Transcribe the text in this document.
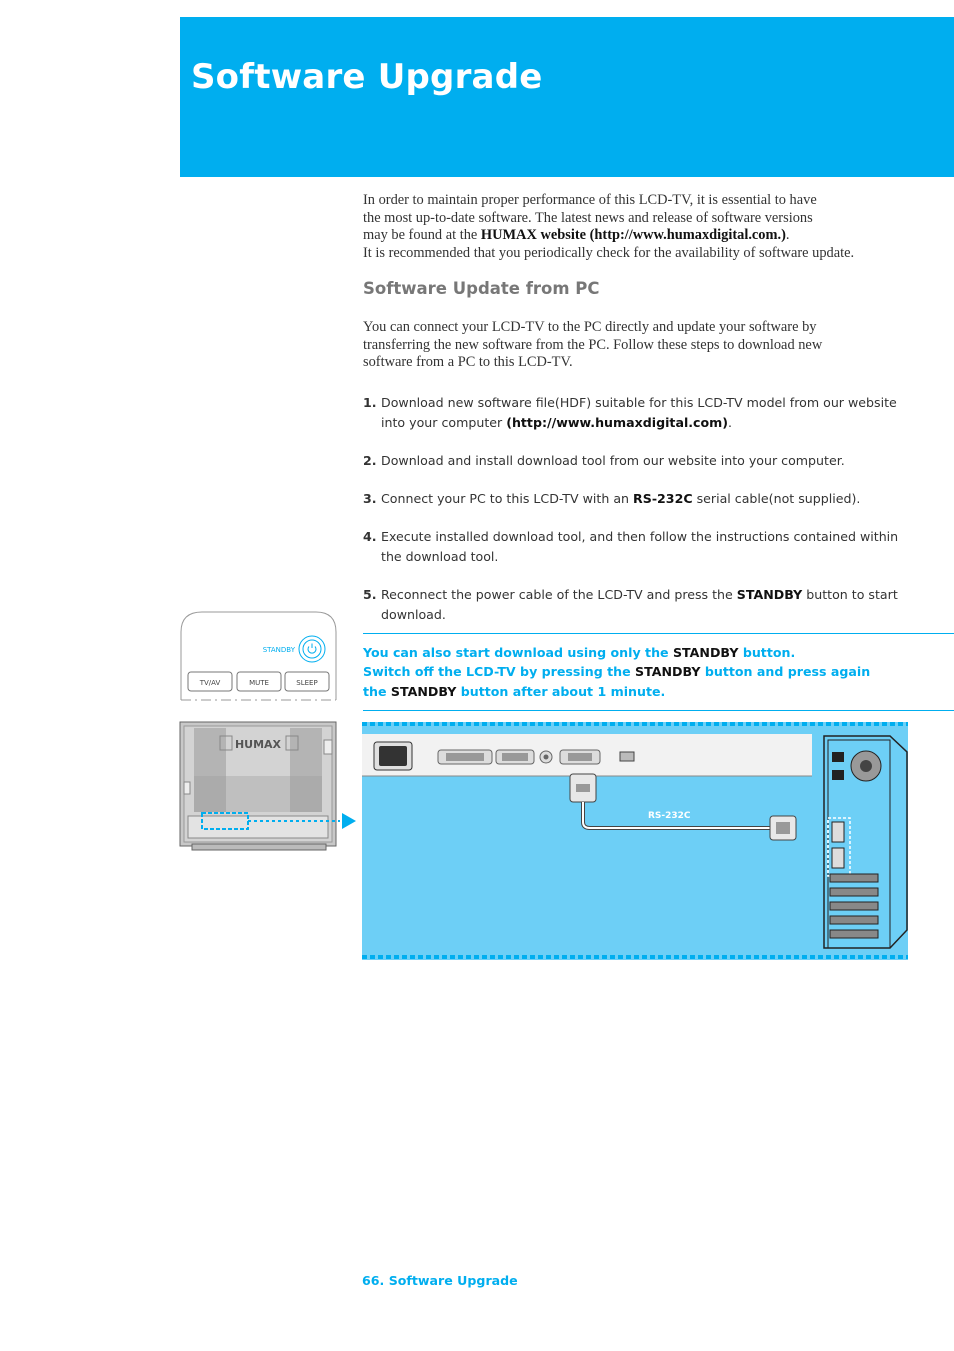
Software Upgrade
In order to maintain proper performance of this LCD-TV, it is essential to have
the most up-to-date software. The latest news and release of software versions
may be found at the HUMAX website (http://www.humaxdigital.com.).
It is recommended that you periodically check for the availability of software update.
Software Update from PC
You can connect your LCD-TV to the PC directly and update your software by
transferring the new software from the PC. Follow these steps to download new
software from a PC to this LCD-TV.
1. Download new software file(HDF) suitable for this LCD-TV model from our website into your computer (http://www.humaxdigital.com).
2. Download and install download tool from our website into your computer.
3. Connect your PC to this LCD-TV with an RS-232C serial cable(not supplied).
4. Execute installed download tool, and then follow the instructions contained within the download tool.
5. Reconnect the power cable of the LCD-TV and press the STANDBY button to start download.
You can also start download using only the STANDBY button.
Switch off the LCD-TV by pressing the STANDBY button and press again
the STANDBY button after about 1 minute.
STANDBY
TV/AV	MUTE	SLEEP
HUMAX
RS-232C
66. Software Upgrade
